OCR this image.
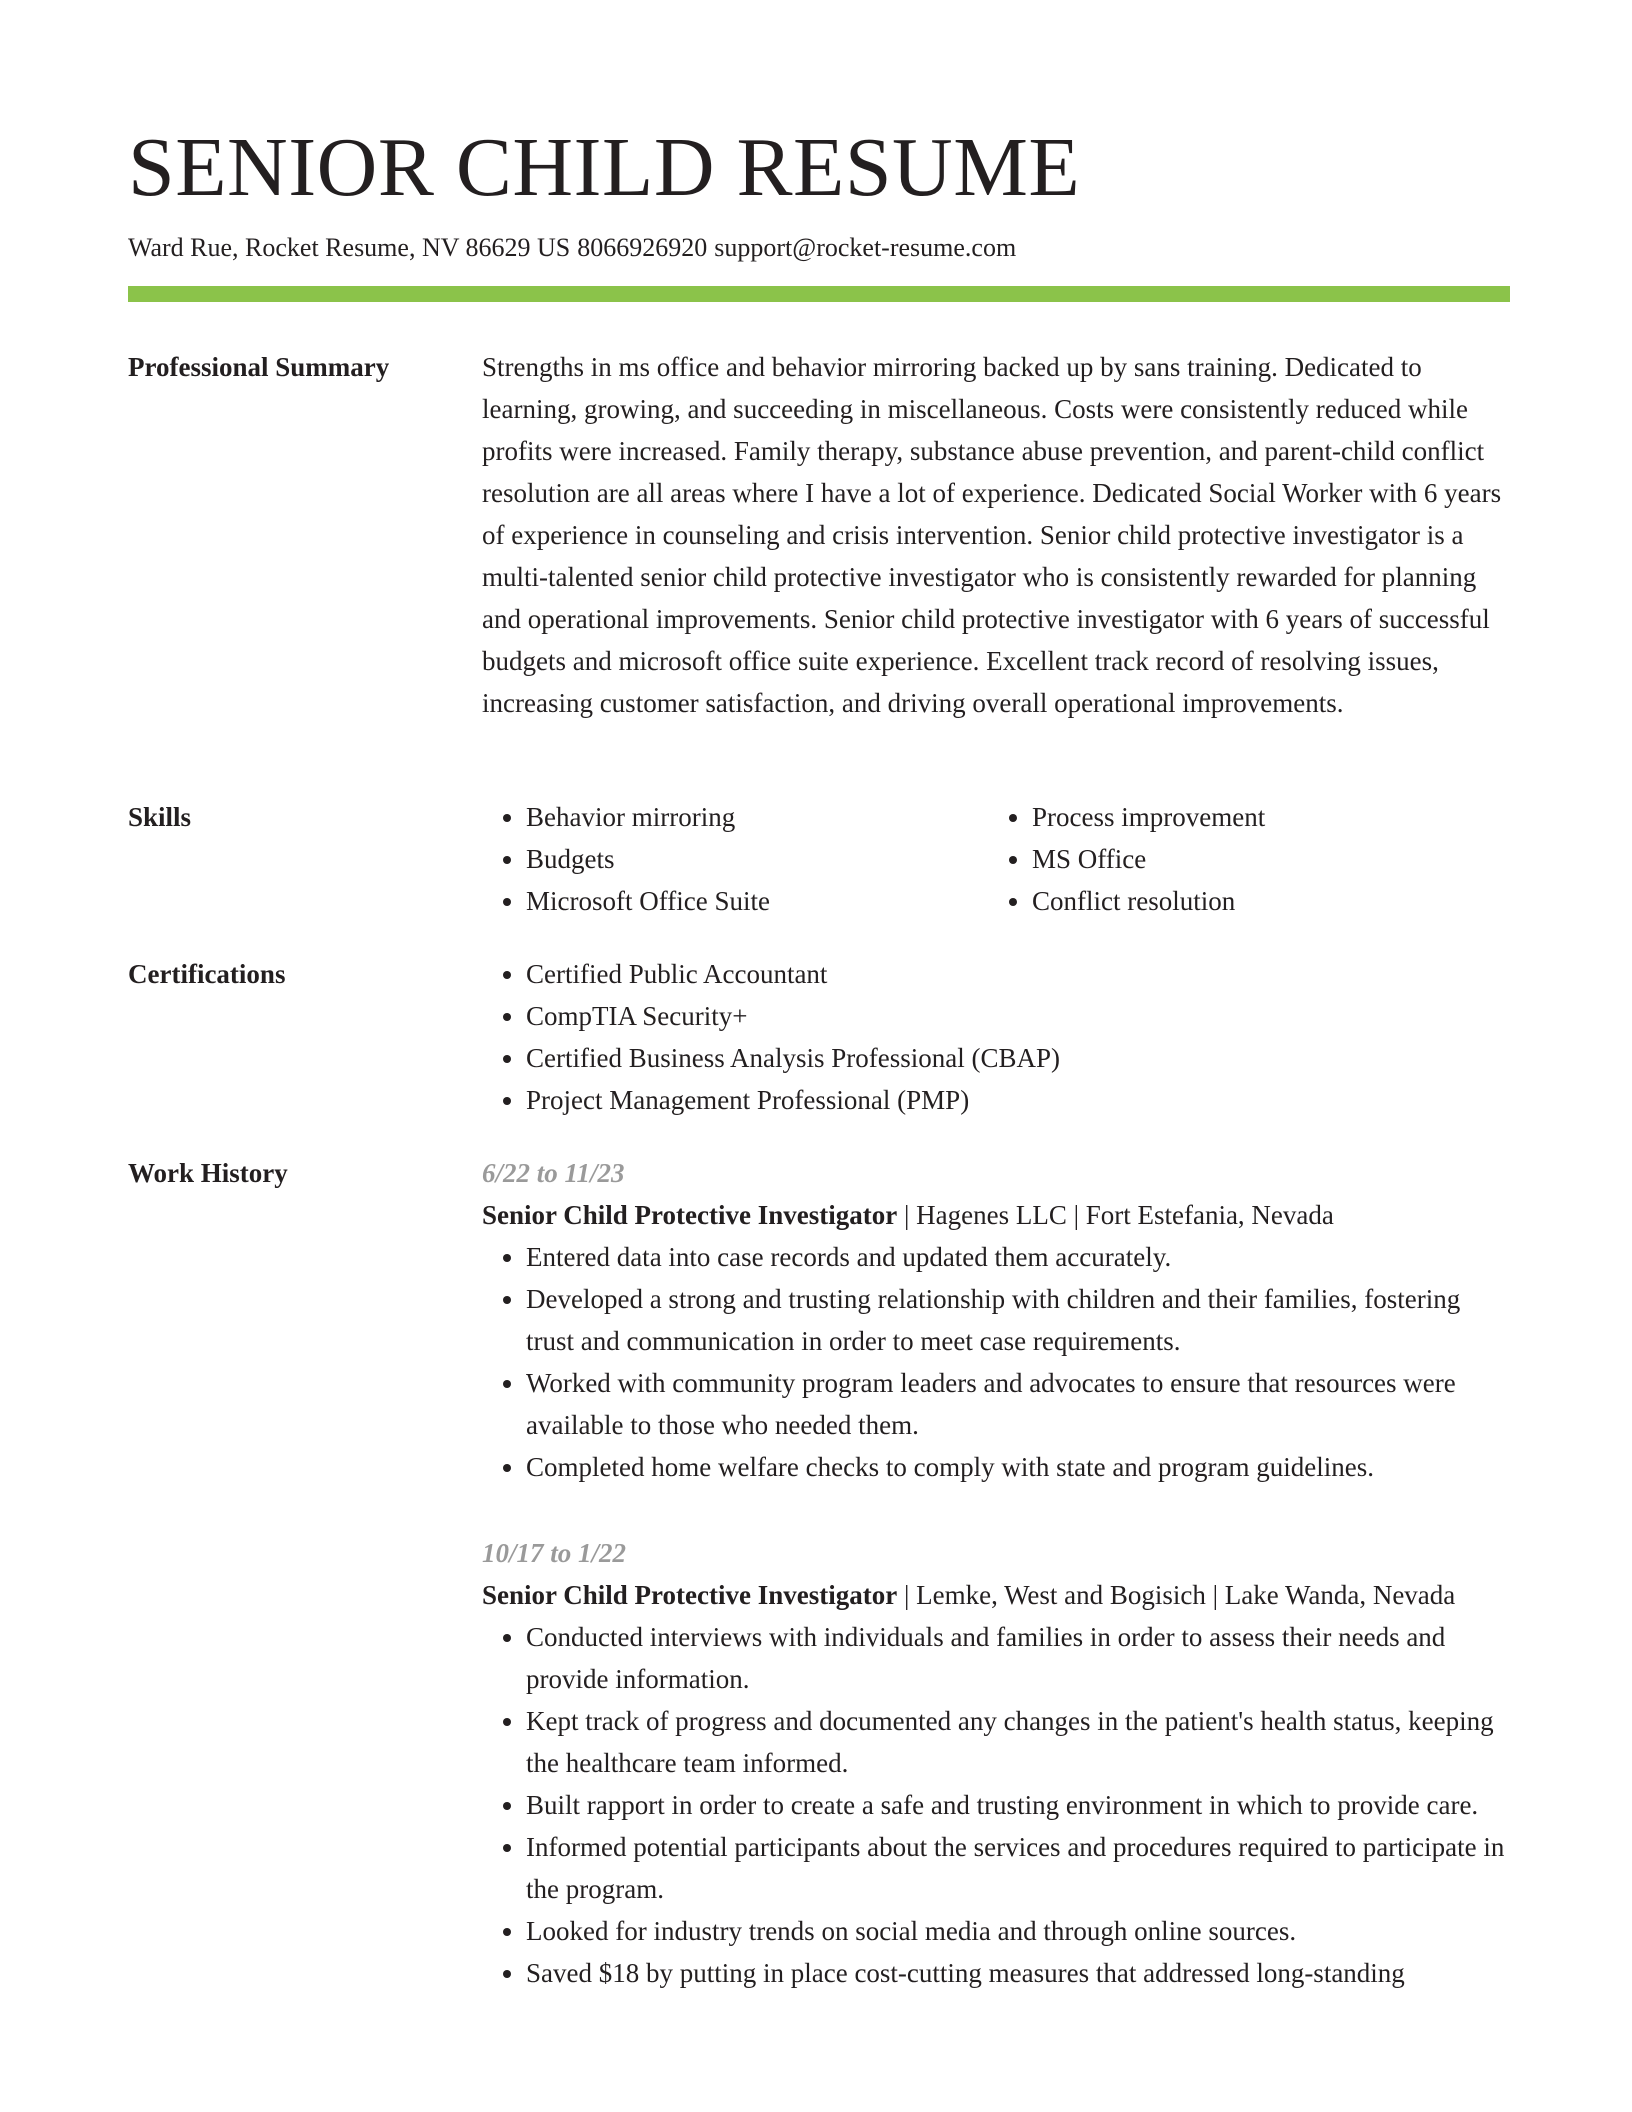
SENIOR CHILD RESUME
Ward Rue, Rocket Resume, NV 86629 US 8066926920 support@rocket-resume.com
Professional Summary	Strengths in ms office and behavior mirroring backed up by sans training. Dedicated to learning, growing, and succeeding in miscellaneous. Costs were consistently reduced while profits were increased. Family therapy, substance abuse prevention, and parent-child conflict resolution are all areas where I have a lot of experience. Dedicated Social Worker with 6 years of experience in counseling and crisis intervention. Senior child protective investigator is a multi-talented senior child protective investigator who is consistently rewarded for planning and operational improvements. Senior child protective investigator with 6 years of successful budgets and microsoft office suite experience. Excellent track record of resolving issues, increasing customer satisfaction, and driving overall operational improvements.

Skills	• Behavior mirroring
• Budgets
• Microsoft Office Suite
• Process improvement
• MS Office
• Conflict resolution
Certifications	• Certified Public Accountant
• CompTIA Security+
• Certified Business Analysis Professional (CBAP)
• Project Management Professional (PMP)
Work History	6/22 to 11/23
Senior Child Protective Investigator | Hagenes LLC | Fort Estefania, Nevada
• Entered data into case records and updated them accurately.
• Developed a strong and trusting relationship with children and their families, fostering trust and communication in order to meet case requirements.
• Worked with community program leaders and advocates to ensure that resources were available to those who needed them.
• Completed home welfare checks to comply with state and program guidelines.
10/17 to 1/22
Senior Child Protective Investigator | Lemke, West and Bogisich | Lake Wanda, Nevada
• Conducted interviews with individuals and families in order to assess their needs and provide information.
• Kept track of progress and documented any changes in the patient's health status, keeping the healthcare team informed.
• Built rapport in order to create a safe and trusting environment in which to provide care.
• Informed potential participants about the services and procedures required to participate in the program.
• Looked for industry trends on social media and through online sources.
• Saved $18 by putting in place cost-cutting measures that addressed long-standing
